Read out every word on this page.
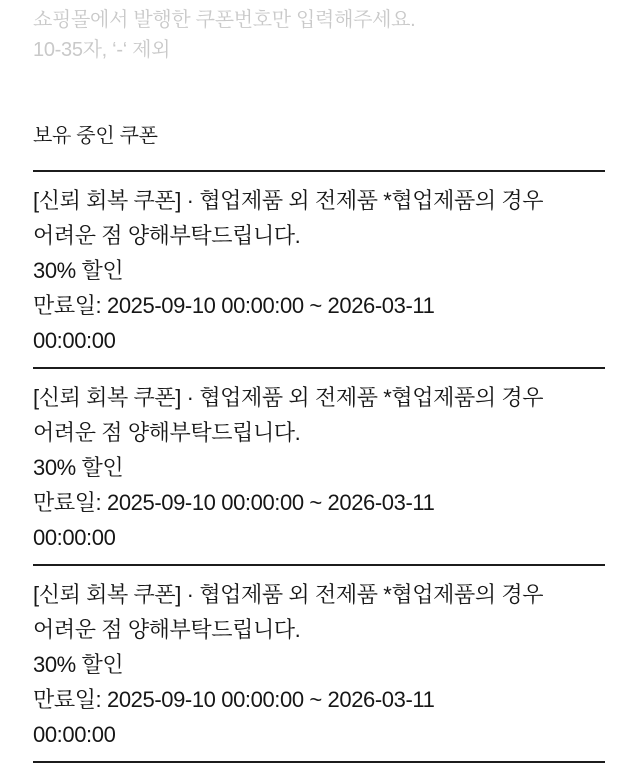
쇼핑몰에서 발행한 쿠폰번호만 입력해주세요.
10-35자, ‘-‘ 제외
보유 중인 쿠폰
[신뢰 회복 쿠폰] · 협업제품 외 전제품 *협업제품의 경우
어려운 점 양해부탁드립니다.
30% 할인
만료일: 2025-09-10 00:00:00 ~ 2026-03-11
00:00:00
[신뢰 회복 쿠폰] · 협업제품 외 전제품 *협업제품의 경우
어려운 점 양해부탁드립니다.
30% 할인
만료일: 2025-09-10 00:00:00 ~ 2026-03-11
00:00:00
[신뢰 회복 쿠폰] · 협업제품 외 전제품 *협업제품의 경우
어려운 점 양해부탁드립니다.
30% 할인
만료일: 2025-09-10 00:00:00 ~ 2026-03-11
00:00:00
